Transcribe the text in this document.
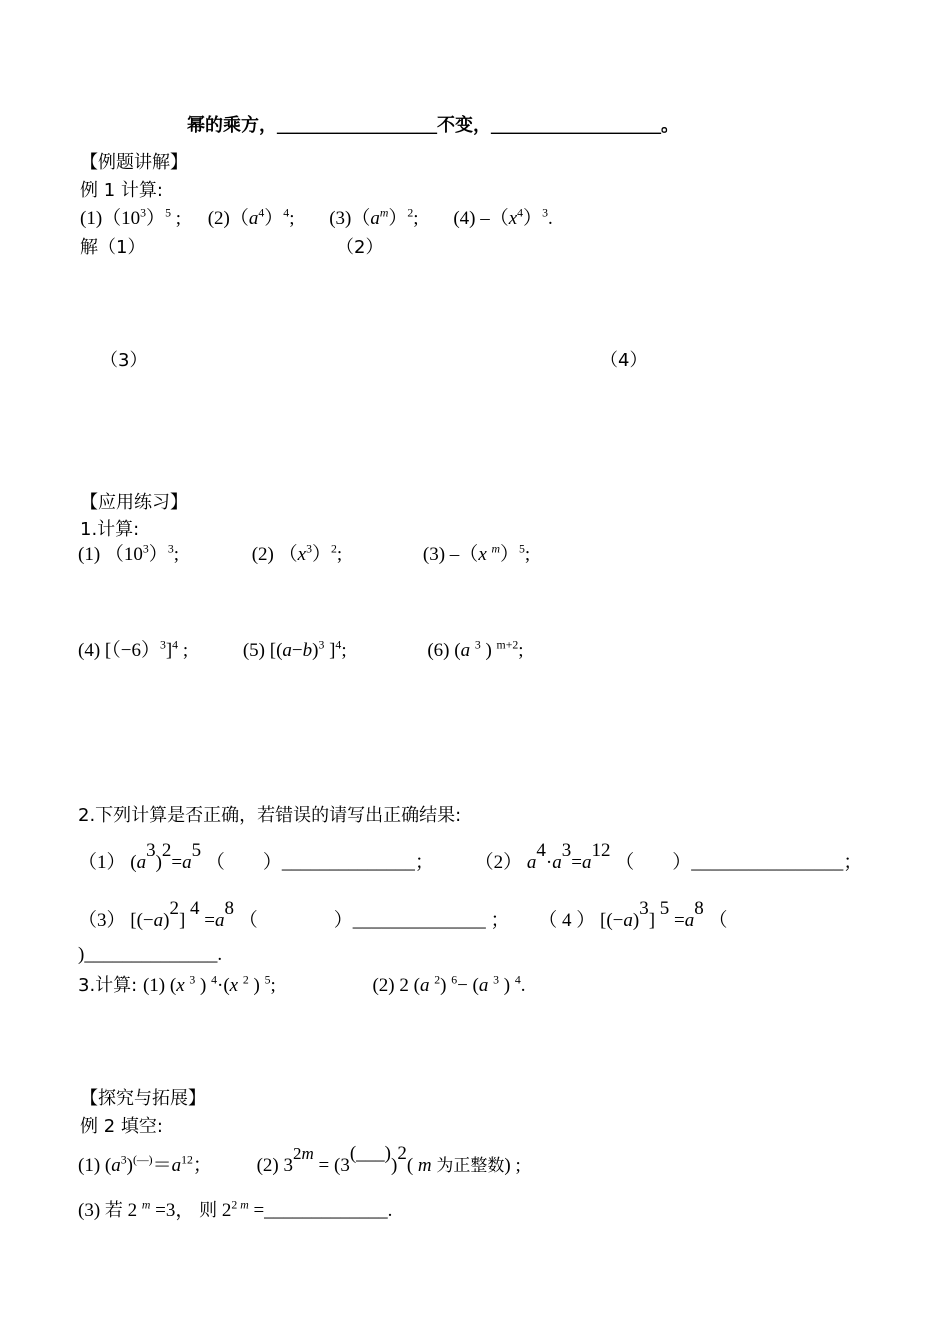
幂的乘方，________________不变，_________________。
【例题讲解】
例 1 计算:
$(1)(10^3)^5$ ; $(2)(a^4)^4$; $(3)(a^m)^2$; (4) $-(x^4)^3$.
解（1）	（2）
（3）	（4）
【应用练习】
1.计算:
(1) $(10^3)^3$;	(2) $(x^3)^2$;	(3) –（x $^m$）$^5$;
(4) $[(-6)^3]^4$ ;	(5) [$(a-b)^3$ ]$^4$;	(6) (a $^3$ ) $^{m+2}$;
2.下列计算是否正确，若错误的请写出正确结果:
（1） (a3)2=a5 （　　）______________； （2） a4·a3=a12 （　　）________________；
（3） [(−a)2] 4 =a8 （　　　　）______________ ； （ 4 ） [(−a)3] 5 =a8 （
)______________.
3.计算: (1) (x $^3$ ) $^4$·(x $^2$ ) $^5$;	(2) 2 (a $^2$) $^6$− (a $^3$ ) $^4$.
【探究与拓展】
例 2 填空:
(1) $(a^3)^{(—)}=a^{12}$； (2) 32m = (3(___))2( m 为正整数) ;
(3) 若 2 $^m$ =3， 则 $2^{2 m}$ =_____________.
